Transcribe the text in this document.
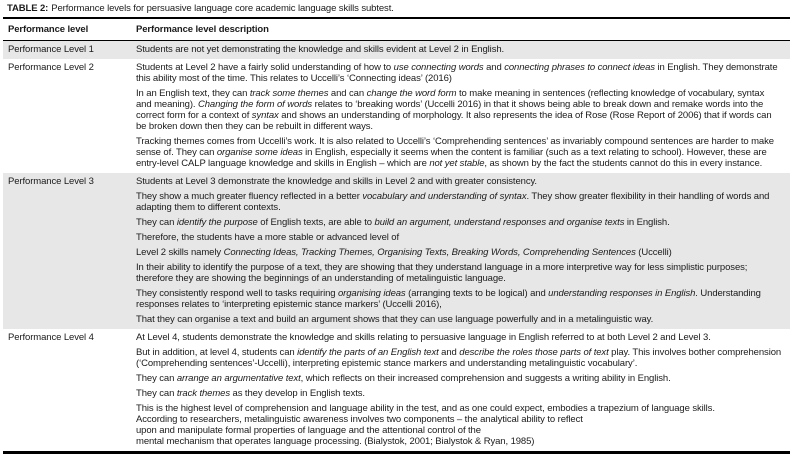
TABLE 2: Performance levels for persuasive language core academic language skills subtest.
Performance level	Performance level description
Performance Level 1	Students are not yet demonstrating the knowledge and skills evident at Level 2 in English.

Performance Level 2	Students at Level 2 have a fairly solid understanding of how to use connecting words and connecting phrases to connect ideas in English. They demonstrate this ability most of the time. This relates to Uccelli’s ‘Connecting ideas’ (2016)
In an English text, they can track some themes and can change the word form to make meaning in sentences (reflecting knowledge of vocabulary, syntax and meaning). Changing the form of words relates to ‘breaking words’ (Uccelli 2016) in that it shows being able to break down and remake words into the correct form for a context of syntax and shows an understanding of morphology. It also represents the idea of Rose (Rose Report of 2006) that if words can be broken down then they can be rebuilt in different ways.
Tracking themes comes from Uccelli’s work. It is also related to Uccelli’s ‘Comprehending sentences’ as invariably compound sentences are harder to make sense of. They can organise some ideas in English, especially it seems when the content is familiar (such as a text relating to school). However, these are entry-level CALP language knowledge and skills in English – which are not yet stable, as shown by the fact the students cannot do this in every instance.

Performance Level 3	Students at Level 3 demonstrate the knowledge and skills in Level 2 and with greater consistency.
They show a much greater fluency reflected in a better vocabulary and understanding of syntax. They show greater flexibility in their handling of words and adapting them to different contexts.
They can identify the purpose of English texts, are able to build an argument, understand responses and organise texts in English.
Therefore, the students have a more stable or advanced level of
Level 2 skills namely Connecting Ideas, Tracking Themes, Organising Texts, Breaking Words, Comprehending Sentences (Uccelli)
In their ability to identify the purpose of a text, they are showing that they understand language in a more interpretive way for less simplistic purposes; therefore they are showing the beginnings of an understanding of metalinguistic language.
They consistently respond well to tasks requiring organising ideas (arranging texts to be logical) and understanding responses in English. Understanding responses relates to ‘interpreting epistemic stance markers’ (Uccelli 2016),
That they can organise a text and build an argument shows that they can use language powerfully and in a metalinguistic way.

Performance Level 4	At Level 4, students demonstrate the knowledge and skills relating to persuasive language in English referred to at both Level 2 and Level 3.
But in addition, at level 4, students can identify the parts of an English text and describe the roles those parts of text play. This involves bother comprehension (‘Comprehending sentences’-Uccelli), interpreting epistemic stance markers and understanding metalinguistic vocabulary’.
They can arrange an argumentative text, which reflects on their increased comprehension and suggests a writing ability in English.
They can track themes as they develop in English texts.
This is the highest level of comprehension and language ability in the test, and as one could expect, embodies a trapezium of language skills.
According to researchers, metalinguistic awareness involves two components – the analytical ability to reflect
upon and manipulate formal properties of language and the attentional control of the
mental mechanism that operates language processing. (Bialystok, 2001; Bialystok & Ryan, 1985)
